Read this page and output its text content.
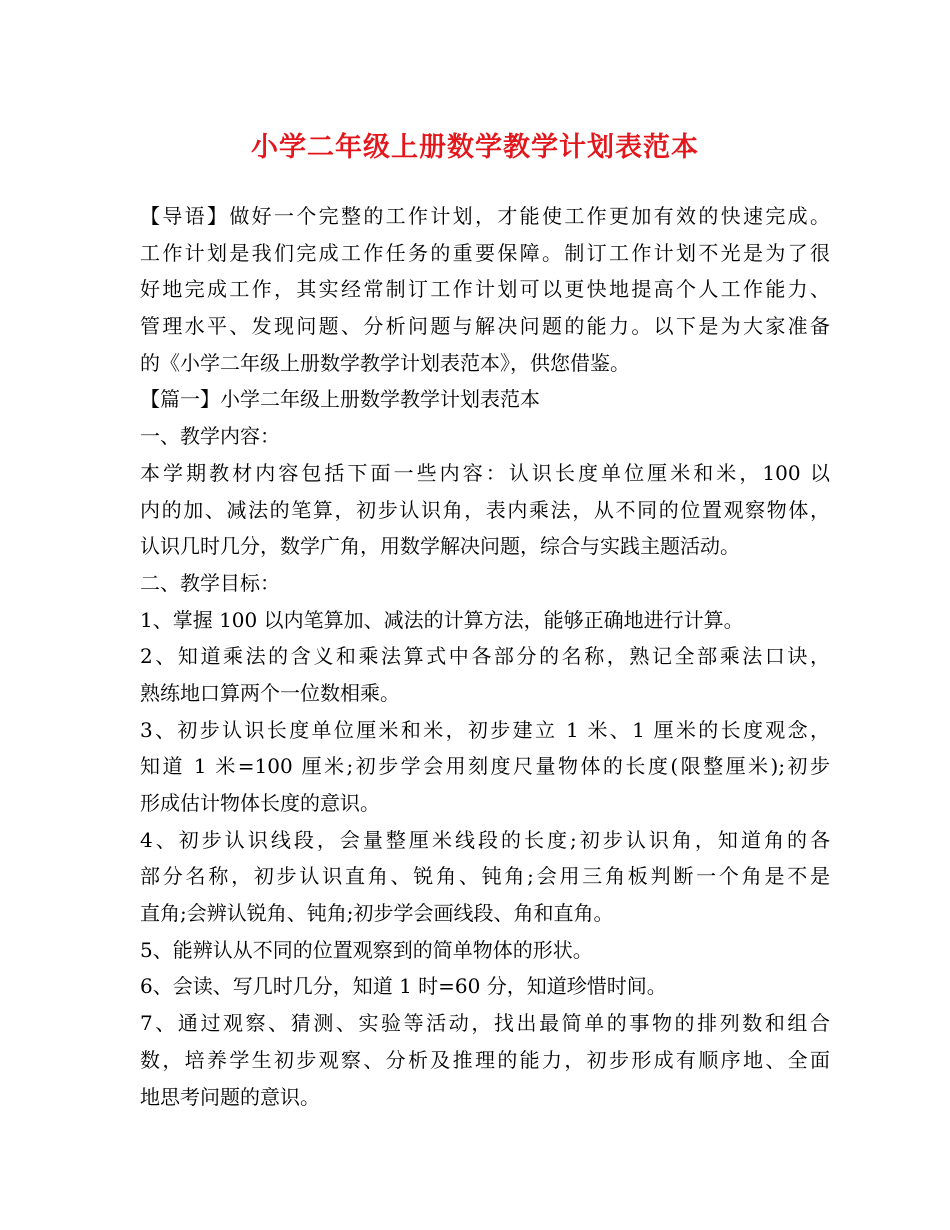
小学二年级上册数学教学计划表范本
【导语】做好一个完整的工作计划，才能使工作更加有效的快速完成。
工作计划是我们完成工作任务的重要保障。制订工作计划不光是为了很
好地完成工作，其实经常制订工作计划可以更快地提高个人工作能力、
管理水平、发现问题、分析问题与解决问题的能力。以下是为大家准备
的《小学二年级上册数学教学计划表范本》，供您借鉴。
【篇一】小学二年级上册数学教学计划表范本
一、教学内容：
本学期教材内容包括下面一些内容：认识长度单位厘米和米，100 以
内的加、减法的笔算，初步认识角，表内乘法，从不同的位置观察物体，
认识几时几分，数学广角，用数学解决问题，综合与实践主题活动。
二、教学目标：
1、掌握 100 以内笔算加、减法的计算方法，能够正确地进行计算。
2、知道乘法的含义和乘法算式中各部分的名称，熟记全部乘法口诀，
熟练地口算两个一位数相乘。
3、初步认识长度单位厘米和米，初步建立 1 米、1 厘米的长度观念，
知道 1 米=100 厘米;初步学会用刻度尺量物体的长度(限整厘米);初步
形成估计物体长度的意识。
4、初步认识线段，会量整厘米线段的长度;初步认识角，知道角的各
部分名称，初步认识直角、锐角、钝角;会用三角板判断一个角是不是
直角;会辨认锐角、钝角;初步学会画线段、角和直角。
5、能辨认从不同的位置观察到的简单物体的形状。
6、会读、写几时几分，知道 1 时=60 分，知道珍惜时间。
7、通过观察、猜测、实验等活动，找出最简单的事物的排列数和组合
数，培养学生初步观察、分析及推理的能力，初步形成有顺序地、全面
地思考问题的意识。
